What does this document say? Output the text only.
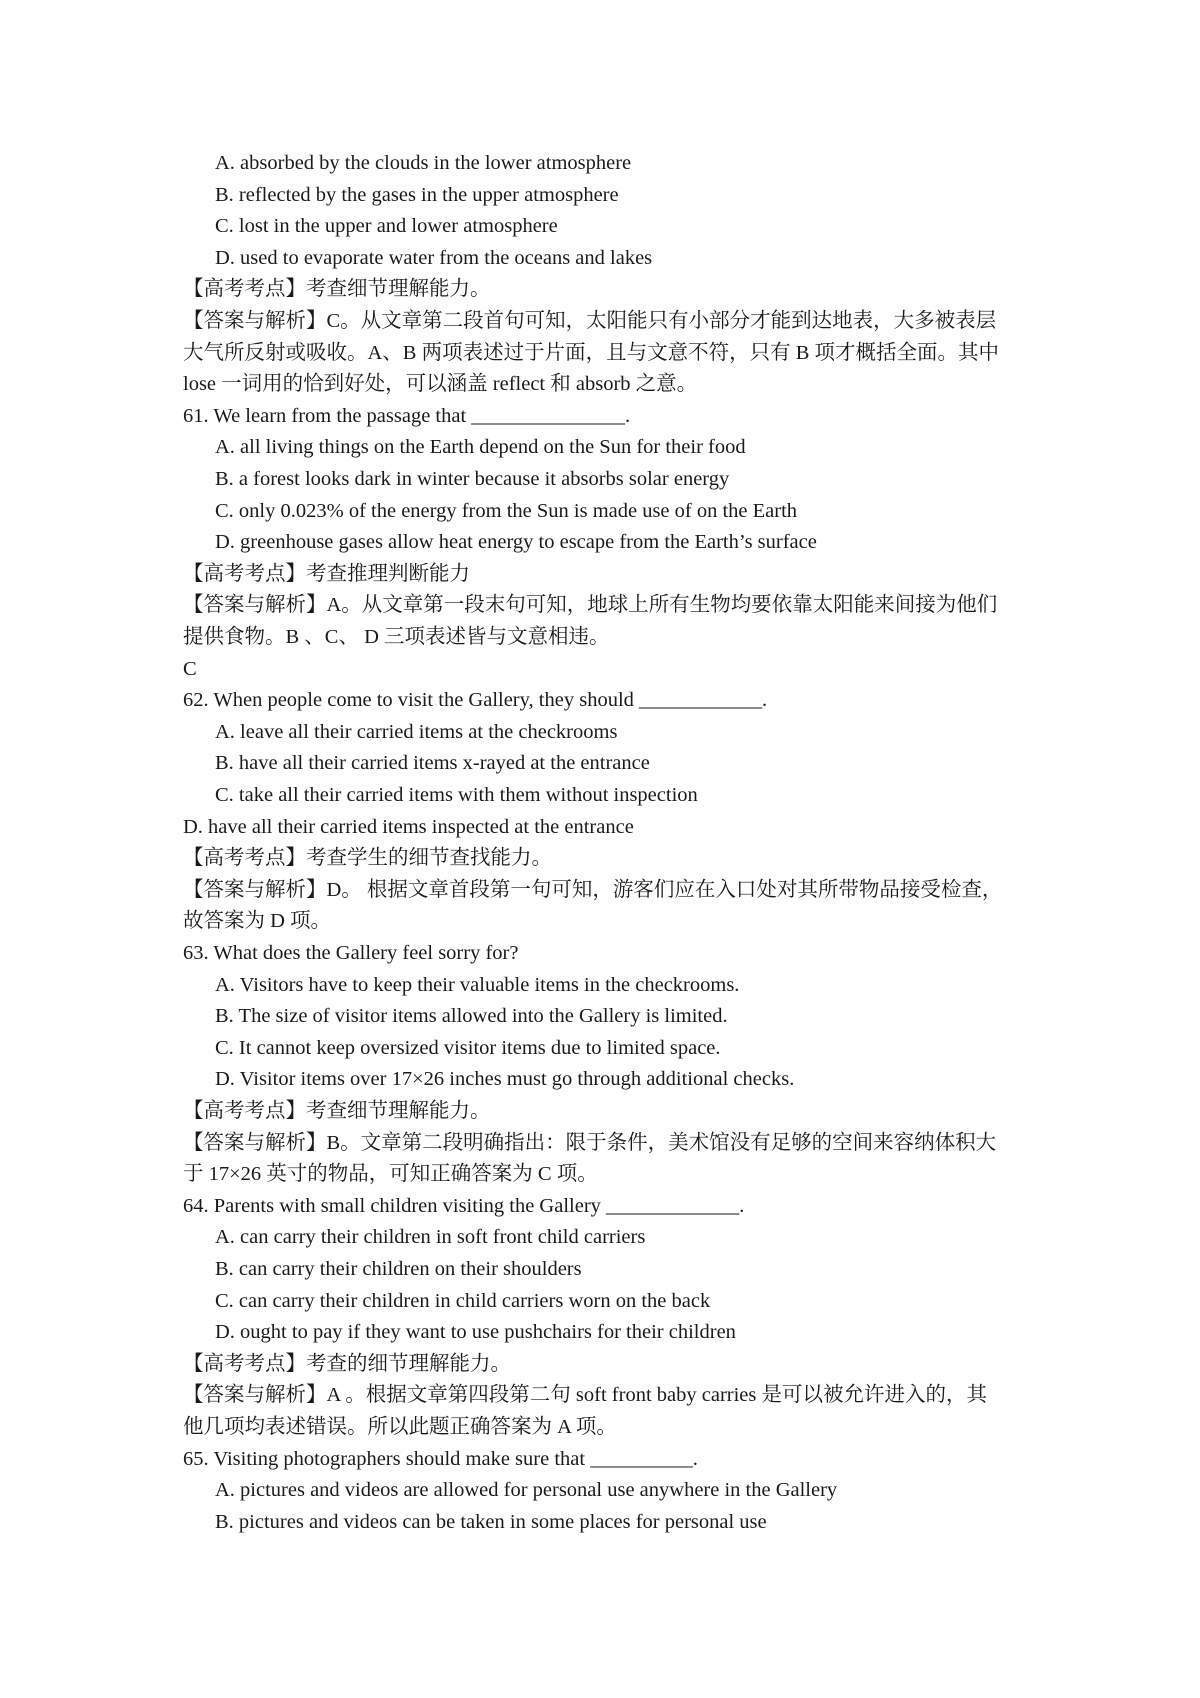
A. absorbed by the clouds in the lower atmosphere
B. reflected by the gases in the upper atmosphere
C. lost in the upper and lower atmosphere
D. used to evaporate water from the oceans and lakes
【高考考点】考查细节理解能力。
【答案与解析】C。从文章第二段首句可知，太阳能只有小部分才能到达地表，大多被表层
大气所反射或吸收。A、B 两项表述过于片面，且与文意不符，只有 B 项才概括全面。其中
lose 一词用的恰到好处，可以涵盖 reflect 和 absorb 之意。
61. We learn from the passage that _______________.
A. all living things on the Earth depend on the Sun for their food
B. a forest looks dark in winter because it absorbs solar energy
C. only 0.023% of the energy from the Sun is made use of on the Earth
D. greenhouse gases allow heat energy to escape from the Earth’s surface
【高考考点】考查推理判断能力
【答案与解析】A。从文章第一段末句可知，地球上所有生物均要依靠太阳能来间接为他们
提供食物。B 、C、 D 三项表述皆与文意相违。
C
62. When people come to visit the Gallery, they should ____________.
A. leave all their carried items at the checkrooms
B. have all their carried items x-rayed at the entrance
C. take all their carried items with them without inspection
D. have all their carried items inspected at the entrance
【高考考点】考查学生的细节查找能力。
【答案与解析】D。 根据文章首段第一句可知，游客们应在入口处对其所带物品接受检查，
故答案为 D 项。
63. What does the Gallery feel sorry for?
A. Visitors have to keep their valuable items in the checkrooms.
B. The size of visitor items allowed into the Gallery is limited.
C. It cannot keep oversized visitor items due to limited space.
D. Visitor items over 17×26 inches must go through additional checks.
【高考考点】考查细节理解能力。
【答案与解析】B。文章第二段明确指出：限于条件，美术馆没有足够的空间来容纳体积大
于 17×26 英寸的物品，可知正确答案为 C 项。
64. Parents with small children visiting the Gallery _____________.
A. can carry their children in soft front child carriers
B. can carry their children on their shoulders
C. can carry their children in child carriers worn on the back
D. ought to pay if they want to use pushchairs for their children
【高考考点】考查的细节理解能力。
【答案与解析】A 。根据文章第四段第二句 soft front baby carries 是可以被允许进入的，其
他几项均表述错误。所以此题正确答案为 A 项。
65. Visiting photographers should make sure that __________.
A. pictures and videos are allowed for personal use anywhere in the Gallery
B. pictures and videos can be taken in some places for personal use
